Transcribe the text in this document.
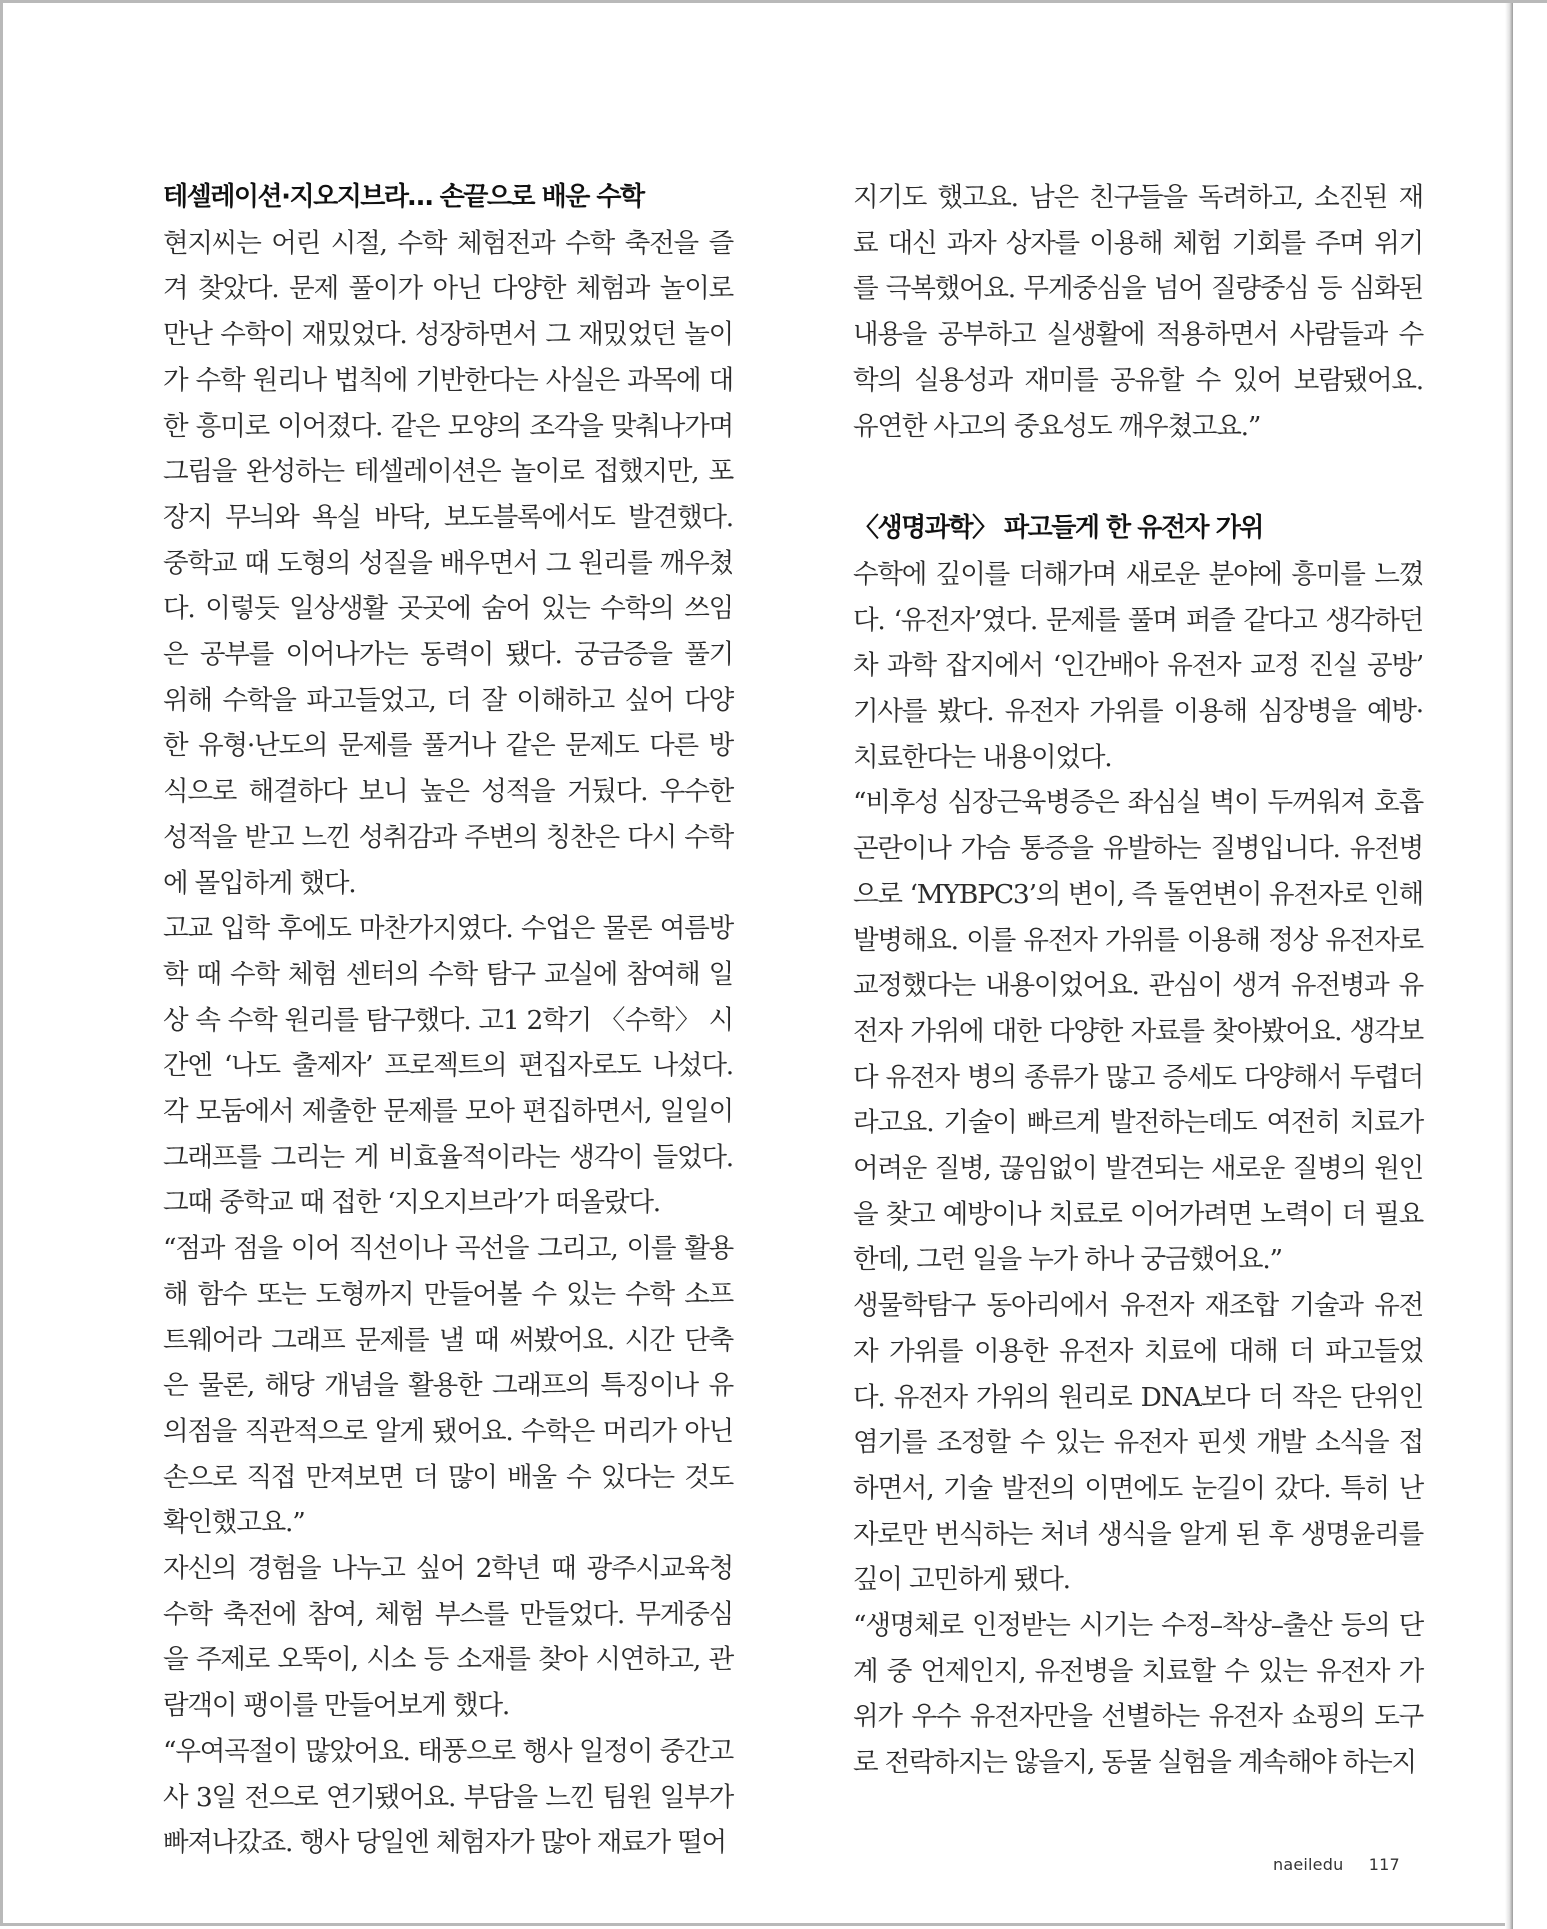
테셀레이션·지오지브라… 손끝으로 배운 수학

현지씨는 어린 시절, 수학 체험전과 수학 축전을 즐겨 찾았다. 문제 풀이가 아닌 다양한 체험과 놀이로 만난 수학이 재밌었다. 성장하면서 그 재밌었던 놀이가 수학 원리나 법칙에 기반한다는 사실은 과목에 대한 흥미로 이어졌다. 같은 모양의 조각을 맞춰나가며 그림을 완성하는 테셀레이션은 놀이로 접했지만, 포장지 무늬와 욕실 바닥, 보도블록에서도 발견했다. 중학교 때 도형의 성질을 배우면서 그 원리를 깨우쳤다. 이렇듯 일상생활 곳곳에 숨어 있는 수학의 쓰임은 공부를 이어나가는 동력이 됐다. 궁금증을 풀기 위해 수학을 파고들었고, 더 잘 이해하고 싶어 다양한 유형·난도의 문제를 풀거나 같은 문제도 다른 방식으로 해결하다 보니 높은 성적을 거뒀다. 우수한 성적을 받고 느낀 성취감과 주변의 칭찬은 다시 수학에 몰입하게 했다.

고교 입학 후에도 마찬가지였다. 수업은 물론 여름방학 때 수학 체험 센터의 수학 탐구 교실에 참여해 일상 속 수학 원리를 탐구했다. 고1 2학기 〈수학〉 시간엔 ‘나도 출제자’ 프로젝트의 편집자로도 나섰다. 각 모둠에서 제출한 문제를 모아 편집하면서, 일일이 그래프를 그리는 게 비효율적이라는 생각이 들었다. 그때 중학교 때 접한 ‘지오지브라’가 떠올랐다.

“점과 점을 이어 직선이나 곡선을 그리고, 이를 활용해 함수 또는 도형까지 만들어볼 수 있는 수학 소프트웨어라 그래프 문제를 낼 때 써봤어요. 시간 단축은 물론, 해당 개념을 활용한 그래프의 특징이나 유의점을 직관적으로 알게 됐어요. 수학은 머리가 아닌 손으로 직접 만져보면 더 많이 배울 수 있다는 것도 확인했고요.”

자신의 경험을 나누고 싶어 2학년 때 광주시교육청 수학 축전에 참여, 체험 부스를 만들었다. 무게중심을 주제로 오뚝이, 시소 등 소재를 찾아 시연하고, 관람객이 팽이를 만들어보게 했다.

“우여곡절이 많았어요. 태풍으로 행사 일정이 중간고사 3일 전으로 연기됐어요. 부담을 느낀 팀원 일부가 빠져나갔죠. 행사 당일엔 체험자가 많아 재료가 떨어

지기도 했고요. 남은 친구들을 독려하고, 소진된 재료 대신 과자 상자를 이용해 체험 기회를 주며 위기를 극복했어요. 무게중심을 넘어 질량중심 등 심화된 내용을 공부하고 실생활에 적용하면서 사람들과 수학의 실용성과 재미를 공유할 수 있어 보람됐어요. 유연한 사고의 중요성도 깨우쳤고요.”

〈생명과학〉 파고들게 한 유전자 가위

수학에 깊이를 더해가며 새로운 분야에 흥미를 느꼈다. ‘유전자’였다. 문제를 풀며 퍼즐 같다고 생각하던 차 과학 잡지에서 ‘인간배아 유전자 교정 진실 공방’ 기사를 봤다. 유전자 가위를 이용해 심장병을 예방·치료한다는 내용이었다.

“비후성 심장근육병증은 좌심실 벽이 두꺼워져 호흡곤란이나 가슴 통증을 유발하는 질병입니다. 유전병으로 ‘MYBPC3’의 변이, 즉 돌연변이 유전자로 인해 발병해요. 이를 유전자 가위를 이용해 정상 유전자로 교정했다는 내용이었어요. 관심이 생겨 유전병과 유전자 가위에 대한 다양한 자료를 찾아봤어요. 생각보다 유전자 병의 종류가 많고 증세도 다양해서 두렵더라고요. 기술이 빠르게 발전하는데도 여전히 치료가 어려운 질병, 끊임없이 발견되는 새로운 질병의 원인을 찾고 예방이나 치료로 이어가려면 노력이 더 필요한데, 그런 일을 누가 하나 궁금했어요.”

생물학탐구 동아리에서 유전자 재조합 기술과 유전자 가위를 이용한 유전자 치료에 대해 더 파고들었다. 유전자 가위의 원리로 DNA보다 더 작은 단위인 염기를 조정할 수 있는 유전자 핀셋 개발 소식을 접하면서, 기술 발전의 이면에도 눈길이 갔다. 특히 난자로만 번식하는 처녀 생식을 알게 된 후 생명윤리를 깊이 고민하게 됐다.

“생명체로 인정받는 시기는 수정–착상–출산 등의 단계 중 언제인지, 유전병을 치료할 수 있는 유전자 가위가 우수 유전자만을 선별하는 유전자 쇼핑의 도구로 전락하지는 않을지, 동물 실험을 계속해야 하는지

naeiledu 117
